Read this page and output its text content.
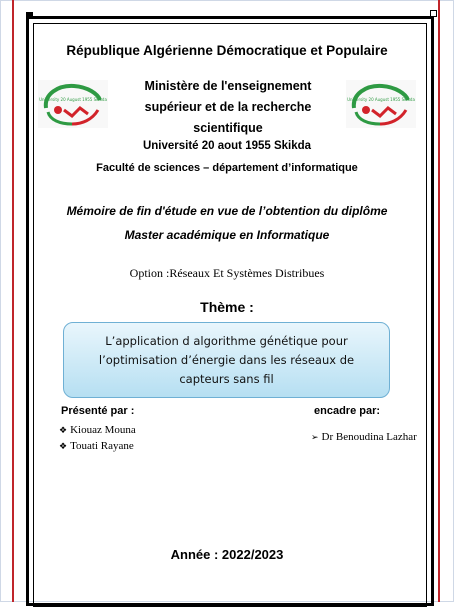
République Algérienne Démocratique et Populaire
University 20 August 1955 Skikda	University 20 August 1955 Skikda
Ministère de l'enseignement supérieur et de la recherche scientifique
Université 20 aout 1955 Skikda
Faculté de sciences – département d’informatique
Mémoire de fin d'étude en vue de l’obtention du diplôme
Master académique en Informatique
Option :Réseaux Et Systèmes Distribues
Thème :
L’application d algorithme génétique pour l’optimisation d’énergie dans les réseaux de capteurs sans fil
Présenté par :
❖ Kiouaz Mouna
❖ Touati Rayane
encadre par:
➢ Dr Benoudina Lazhar
Année : 2022/2023
